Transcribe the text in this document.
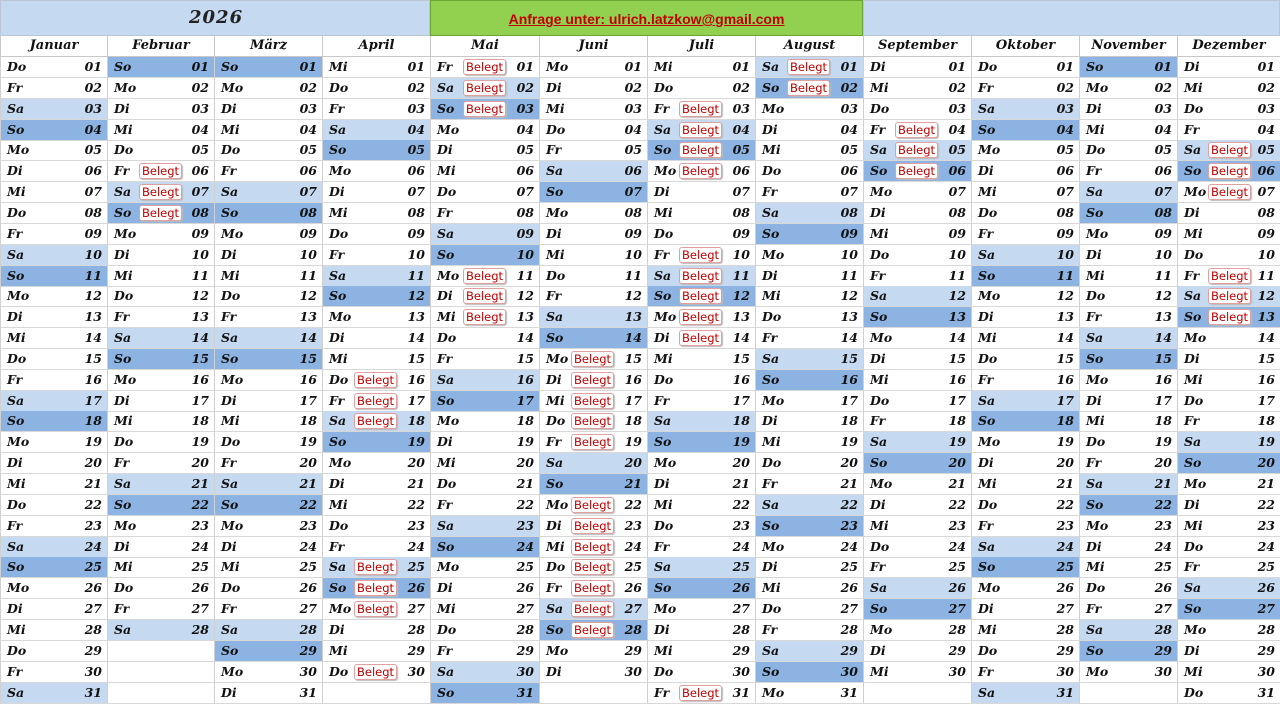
2026	Anfrage unter: ulrich.latzkow@gmail.com
Januar
Do	01
Fr	02
Sa	03
So	04
Mo	05
Di	06
Mi	07
Do	08
Fr	09
Sa	10
So	11
Mo	12
Di	13
Mi	14
Do	15
Fr	16
Sa	17
So	18
Mo	19
Di	20
Mi	21
Do	22
Fr	23
Sa	24
So	25
Mo	26
Di	27
Mi	28
Do	29
Fr	30
Sa	31
Februar
So	01
Mo	02
Di	03
Mi	04
Do	05
Fr	06
Belegt
Sa	07
Belegt
So	08
Belegt
Mo	09
Di	10
Mi	11
Do	12
Fr	13
Sa	14
So	15
Mo	16
Di	17
Mi	18
Do	19
Fr	20
Sa	21
So	22
Mo	23
Di	24
Mi	25
Do	26
Fr	27
Sa	28
März
So	01
Mo	02
Di	03
Mi	04
Do	05
Fr	06
Sa	07
So	08
Mo	09
Di	10
Mi	11
Do	12
Fr	13
Sa	14
So	15
Mo	16
Di	17
Mi	18
Do	19
Fr	20
Sa	21
So	22
Mo	23
Di	24
Mi	25
Do	26
Fr	27
Sa	28
So	29
Mo	30
Di	31
April
Mi	01
Do	02
Fr	03
Sa	04
So	05
Mo	06
Di	07
Mi	08
Do	09
Fr	10
Sa	11
So	12
Mo	13
Di	14
Mi	15
Do	16
Belegt
Fr	17
Belegt
Sa	18
Belegt
So	19
Mo	20
Di	21
Mi	22
Do	23
Fr	24
Sa	25
Belegt
So	26
Belegt
Mo	27
Belegt
Di	28
Mi	29
Do	30
Belegt
Mai
Fr	01
Belegt
Sa	02
Belegt
So	03
Belegt
Mo	04
Di	05
Mi	06
Do	07
Fr	08
Sa	09
So	10
Mo	11
Belegt
Di	12
Belegt
Mi	13
Belegt
Do	14
Fr	15
Sa	16
So	17
Mo	18
Di	19
Mi	20
Do	21
Fr	22
Sa	23
So	24
Mo	25
Di	26
Mi	27
Do	28
Fr	29
Sa	30
So	31
Juni
Mo	01
Di	02
Mi	03
Do	04
Fr	05
Sa	06
So	07
Mo	08
Di	09
Mi	10
Do	11
Fr	12
Sa	13
So	14
Mo	15
Belegt
Di	16
Belegt
Mi	17
Belegt
Do	18
Belegt
Fr	19
Belegt
Sa	20
So	21
Mo	22
Belegt
Di	23
Belegt
Mi	24
Belegt
Do	25
Belegt
Fr	26
Belegt
Sa	27
Belegt
So	28
Belegt
Mo	29
Di	30
Juli
Mi	01
Do	02
Fr	03
Belegt
Sa	04
Belegt
So	05
Belegt
Mo	06
Belegt
Di	07
Mi	08
Do	09
Fr	10
Belegt
Sa	11
Belegt
So	12
Belegt
Mo	13
Belegt
Di	14
Belegt
Mi	15
Do	16
Fr	17
Sa	18
So	19
Mo	20
Di	21
Mi	22
Do	23
Fr	24
Sa	25
So	26
Mo	27
Di	28
Mi	29
Do	30
Fr	31
Belegt
August
Sa	01
Belegt
So	02
Belegt
Mo	03
Di	04
Mi	05
Do	06
Fr	07
Sa	08
So	09
Mo	10
Di	11
Mi	12
Do	13
Fr	14
Sa	15
So	16
Mo	17
Di	18
Mi	19
Do	20
Fr	21
Sa	22
So	23
Mo	24
Di	25
Mi	26
Do	27
Fr	28
Sa	29
So	30
Mo	31
September
Di	01
Mi	02
Do	03
Fr	04
Belegt
Sa	05
Belegt
So	06
Belegt
Mo	07
Di	08
Mi	09
Do	10
Fr	11
Sa	12
So	13
Mo	14
Di	15
Mi	16
Do	17
Fr	18
Sa	19
So	20
Mo	21
Di	22
Mi	23
Do	24
Fr	25
Sa	26
So	27
Mo	28
Di	29
Mi	30
Oktober
Do	01
Fr	02
Sa	03
So	04
Mo	05
Di	06
Mi	07
Do	08
Fr	09
Sa	10
So	11
Mo	12
Di	13
Mi	14
Do	15
Fr	16
Sa	17
So	18
Mo	19
Di	20
Mi	21
Do	22
Fr	23
Sa	24
So	25
Mo	26
Di	27
Mi	28
Do	29
Fr	30
Sa	31
November
So	01
Mo	02
Di	03
Mi	04
Do	05
Fr	06
Sa	07
So	08
Mo	09
Di	10
Mi	11
Do	12
Fr	13
Sa	14
So	15
Mo	16
Di	17
Mi	18
Do	19
Fr	20
Sa	21
So	22
Mo	23
Di	24
Mi	25
Do	26
Fr	27
Sa	28
So	29
Mo	30
Dezember
Di	01
Mi	02
Do	03
Fr	04
Sa	05
Belegt
So	06
Belegt
Mo	07
Belegt
Di	08
Mi	09
Do	10
Fr	11
Belegt
Sa	12
Belegt
So	13
Belegt
Mo	14
Di	15
Mi	16
Do	17
Fr	18
Sa	19
So	20
Mo	21
Di	22
Mi	23
Do	24
Fr	25
Sa	26
So	27
Mo	28
Di	29
Mi	30
Do	31
